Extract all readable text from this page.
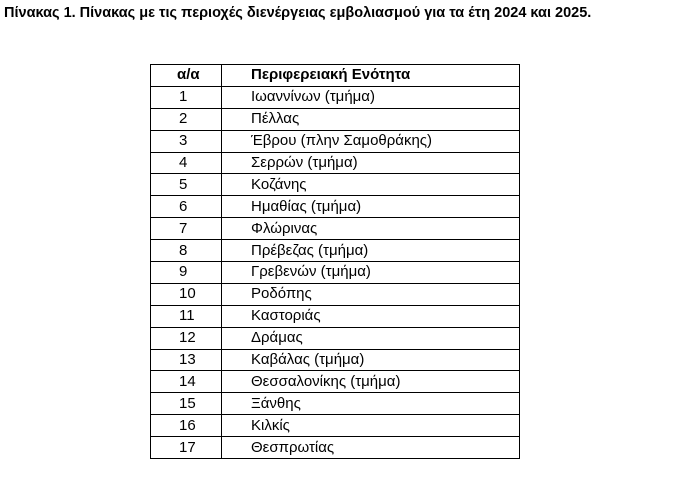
Πίνακας 1. Πίνακας με τις περιοχές διενέργειας εμβολιασμού για τα έτη 2024 και 2025.
α/α	Περιφερειακή Ενότητα
1	Ιωαννίνων (τμήμα)
2	Πέλλας
3	Έβρου (πλην Σαμοθράκης)
4	Σερρών (τμήμα)
5	Κοζάνης
6	Ημαθίας (τμήμα)
7	Φλώρινας
8	Πρέβεζας (τμήμα)
9	Γρεβενών (τμήμα)
10	Ροδόπης
11	Καστοριάς
12	Δράμας
13	Καβάλας (τμήμα)
14	Θεσσαλονίκης (τμήμα)
15	Ξάνθης
16	Κιλκίς
17	Θεσπρωτίας
